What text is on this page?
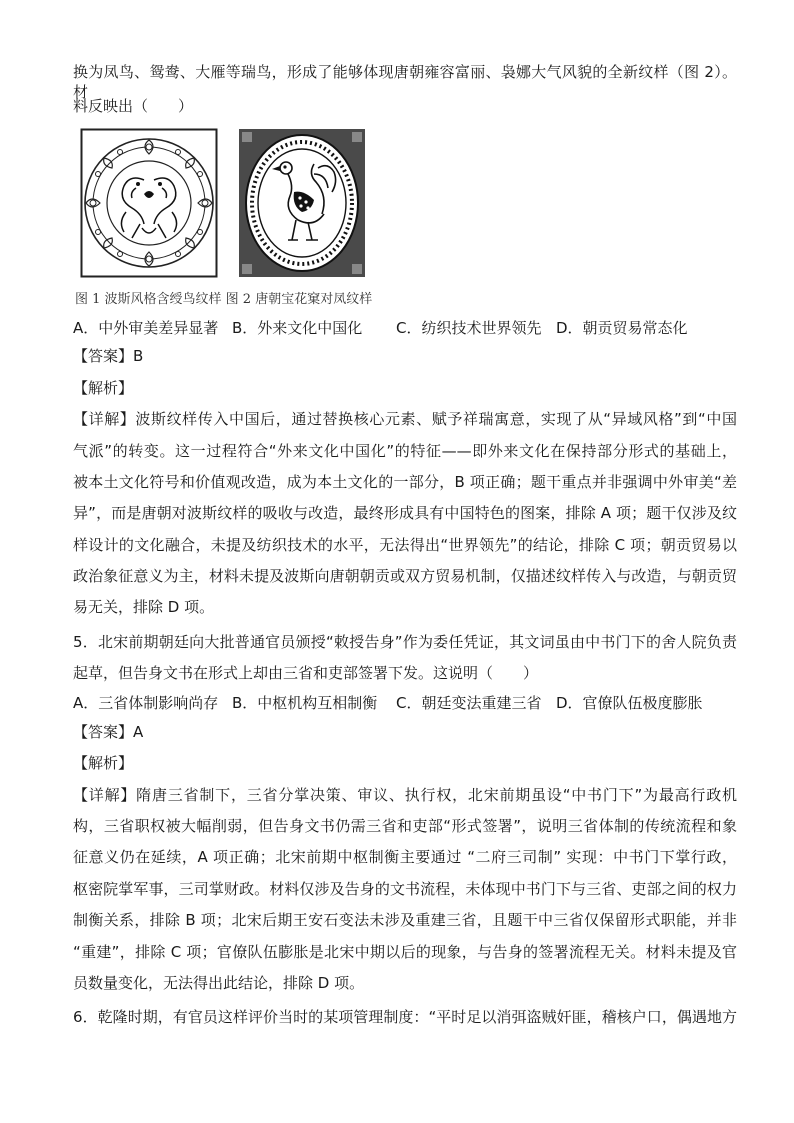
换为凤鸟、鸳鸯、大雁等瑞鸟，形成了能够体现唐朝雍容富丽、袅娜大气风貌的全新纹样（图 2）。材
料反映出（　　）
图 1 波斯风格含绶鸟纹样 图 2 唐朝宝花窠对凤纹样
A．中外审美差异显著 B．外来文化中国化 C．纺织技术世界领先 D．朝贡贸易常态化
【答案】B
【解析】
【详解】波斯纹样传入中国后，通过替换核心元素、赋予祥瑞寓意，实现了从“异域风格”到“中国
气派”的转变。这一过程符合“外来文化中国化”的特征——即外来文化在保持部分形式的基础上，
被本土文化符号和价值观改造，成为本土文化的一部分，B 项正确；题干重点并非强调中外审美“差
异”，而是唐朝对波斯纹样的吸收与改造，最终形成具有中国特色的图案，排除 A 项；题干仅涉及纹
样设计的文化融合，未提及纺织技术的水平，无法得出“世界领先”的结论，排除 C 项；朝贡贸易以
政治象征意义为主，材料未提及波斯向唐朝朝贡或双方贸易机制，仅描述纹样传入与改造，与朝贡贸
易无关，排除 D 项。
5．北宋前期朝廷向大批普通官员颁授“敕授告身”作为委任凭证，其文词虽由中书门下的舍人院负责
起草，但告身文书在形式上却由三省和吏部签署下发。这说明（　　）
A．三省体制影响尚存 B．中枢机构互相制衡 C．朝廷变法重建三省 D．官僚队伍极度膨胀
【答案】A
【解析】
【详解】隋唐三省制下，三省分掌决策、审议、执行权，北宋前期虽设“中书门下”为最高行政机
构，三省职权被大幅削弱，但告身文书仍需三省和吏部“形式签署”，说明三省体制的传统流程和象
征意义仍在延续，A 项正确；北宋前期中枢制衡主要通过 “二府三司制” 实现：中书门下掌行政，
枢密院掌军事，三司掌财政。材料仅涉及告身的文书流程，未体现中书门下与三省、吏部之间的权力
制衡关系，排除 B 项；北宋后期王安石变法未涉及重建三省，且题干中三省仅保留形式职能，并非
“重建”，排除 C 项；官僚队伍膨胀是北宋中期以后的现象，与告身的签署流程无关。材料未提及官
员数量变化，无法得出此结论，排除 D 项。
6．乾隆时期，有官员这样评价当时的某项管理制度：“平时足以消弭盗贼奸匪，稽核户口，偶遇地方
